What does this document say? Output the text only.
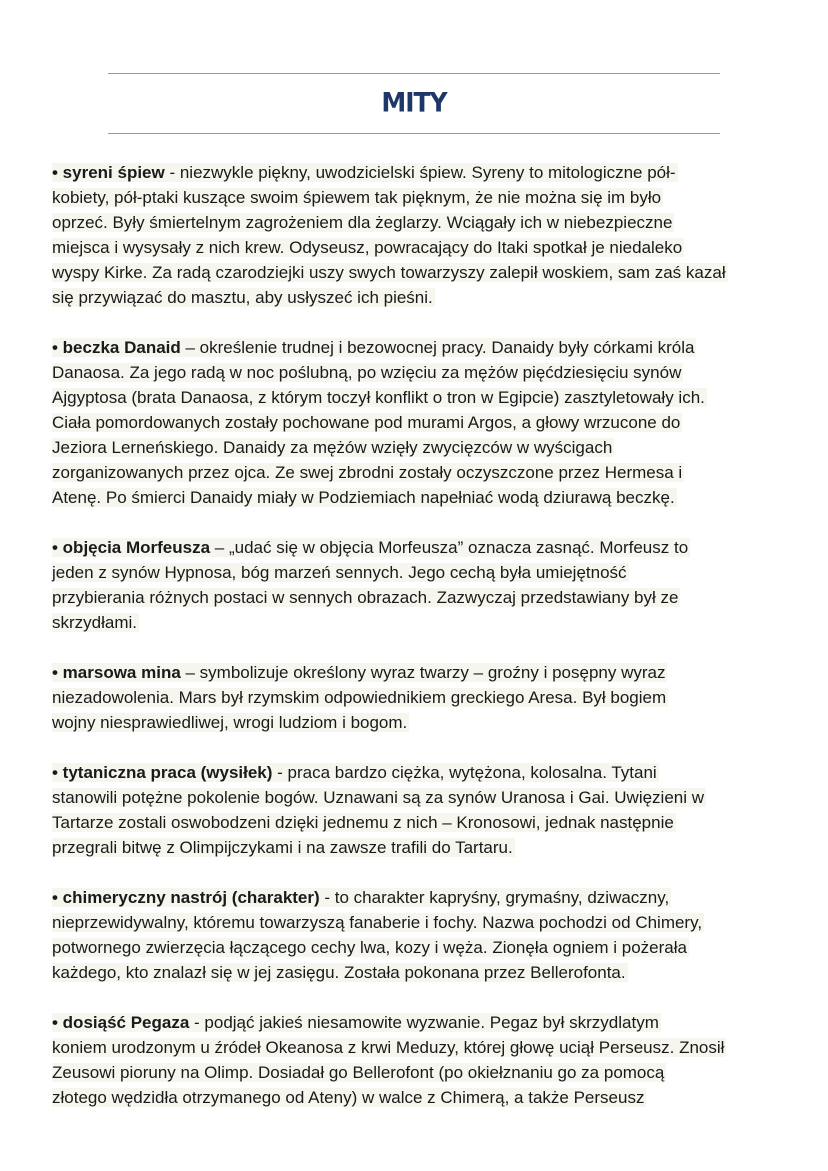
MITY
• syreni śpiew - niezwykle piękny, uwodzicielski śpiew. Syreny to mitologiczne pół-
kobiety, pół-ptaki kuszące swoim śpiewem tak pięknym, że nie można się im było
oprzeć. Były śmiertelnym zagrożeniem dla żeglarzy. Wciągały ich w niebezpieczne
miejsca i wysysały z nich krew. Odyseusz, powracający do Itaki spotkał je niedaleko
wyspy Kirke. Za radą czarodziejki uszy swych towarzyszy zalepił woskiem, sam zaś kazał
się przywiązać do masztu, aby usłyszeć ich pieśni.
• beczka Danaid – określenie trudnej i bezowocnej pracy. Danaidy były córkami króla
Danaosa. Za jego radą w noc poślubną, po wzięciu za mężów pięćdziesięciu synów
Ajgyptosa (brata Danaosa, z którym toczył konflikt o tron w Egipcie) zasztyletowały ich.
Ciała pomordowanych zostały pochowane pod murami Argos, a głowy wrzucone do
Jeziora Lerneńskiego. Danaidy za mężów wzięły zwycięzców w wyścigach
zorganizowanych przez ojca. Ze swej zbrodni zostały oczyszczone przez Hermesa i
Atenę. Po śmierci Danaidy miały w Podziemiach napełniać wodą dziurawą beczkę.
• objęcia Morfeusza – „udać się w objęcia Morfeusza” oznacza zasnąć. Morfeusz to
jeden z synów Hypnosa, bóg marzeń sennych. Jego cechą była umiejętność
przybierania różnych postaci w sennych obrazach. Zazwyczaj przedstawiany był ze
skrzydłami.
• marsowa mina – symbolizuje określony wyraz twarzy – groźny i posępny wyraz
niezadowolenia. Mars był rzymskim odpowiednikiem greckiego Aresa. Był bogiem
wojny niesprawiedliwej, wrogi ludziom i bogom.
• tytaniczna praca (wysiłek) - praca bardzo ciężka, wytężona, kolosalna. Tytani
stanowili potężne pokolenie bogów. Uznawani są za synów Uranosa i Gai. Uwięzieni w
Tartarze zostali oswobodzeni dzięki jednemu z nich – Kronosowi, jednak następnie
przegrali bitwę z Olimpijczykami i na zawsze trafili do Tartaru.
• chimeryczny nastrój (charakter) - to charakter kapryśny, grymaśny, dziwaczny,
nieprzewidywalny, któremu towarzyszą fanaberie i fochy. Nazwa pochodzi od Chimery,
potwornego zwierzęcia łączącego cechy lwa, kozy i węża. Zionęła ogniem i pożerała
każdego, kto znalazł się w jej zasięgu. Została pokonana przez Bellerofonta.
• dosiąść Pegaza - podjąć jakieś niesamowite wyzwanie. Pegaz był skrzydlatym
koniem urodzonym u źródeł Okeanosa z krwi Meduzy, której głowę uciął Perseusz. Znosił
Zeusowi pioruny na Olimp. Dosiadał go Bellerofont (po okiełznaniu go za pomocą
złotego wędzidła otrzymanego od Ateny) w walce z Chimerą, a także Perseusz
